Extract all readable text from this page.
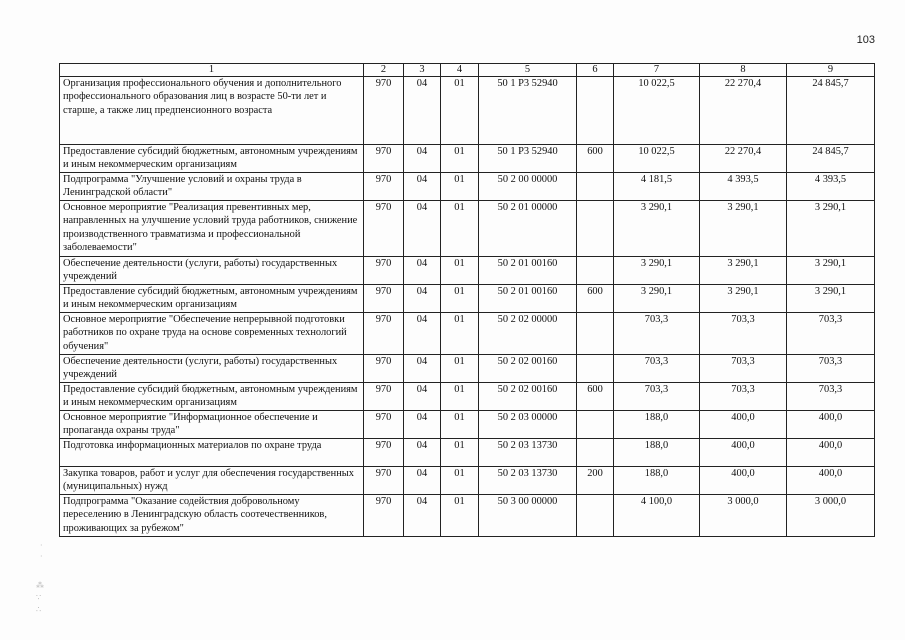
103
·
·
⁂
∵
∴
1	2	3	4	5	6	7	8	9
Организация профессионального обучения и дополнительного профессионального образования лиц в возрасте 50-ти лет и старше, а также лиц предпенсионного возраста	970	04	01	50 1 P3 52940		10 022,5	22 270,4	24 845,7
Предоставление субсидий бюджетным, автономным учреждениям и иным некоммерческим организациям	970	04	01	50 1 P3 52940	600	10 022,5	22 270,4	24 845,7
Подпрограмма "Улучшение условий и охраны труда в Ленинградской области"	970	04	01	50 2 00 00000		4 181,5	4 393,5	4 393,5
Основное мероприятие "Реализация превентивных мер, направленных на улучшение условий труда работников, снижение производственного травматизма и профессиональной заболеваемости"	970	04	01	50 2 01 00000		3 290,1	3 290,1	3 290,1
Обеспечение деятельности (услуги, работы) государственных учреждений	970	04	01	50 2 01 00160		3 290,1	3 290,1	3 290,1
Предоставление субсидий бюджетным, автономным учреждениям и иным некоммерческим организациям	970	04	01	50 2 01 00160	600	3 290,1	3 290,1	3 290,1
Основное мероприятие "Обеспечение непрерывной подготовки работников по охране труда на основе современных технологий обучения"	970	04	01	50 2 02 00000		703,3	703,3	703,3
Обеспечение деятельности (услуги, работы) государственных учреждений	970	04	01	50 2 02 00160		703,3	703,3	703,3
Предоставление субсидий бюджетным, автономным учреждениям и иным некоммерческим организациям	970	04	01	50 2 02 00160	600	703,3	703,3	703,3
Основное мероприятие "Информационное обеспечение и пропаганда охраны труда"	970	04	01	50 2 03 00000		188,0	400,0	400,0
Подготовка информационных материалов по охране труда	970	04	01	50 2 03 13730		188,0	400,0	400,0
Закупка товаров, работ и услуг для обеспечения государственных (муниципальных) нужд	970	04	01	50 2 03 13730	200	188,0	400,0	400,0
Подпрограмма "Оказание содействия добровольному переселению в Ленинградскую область соотечественников, проживающих за рубежом"	970	04	01	50 3 00 00000		4 100,0	3 000,0	3 000,0
